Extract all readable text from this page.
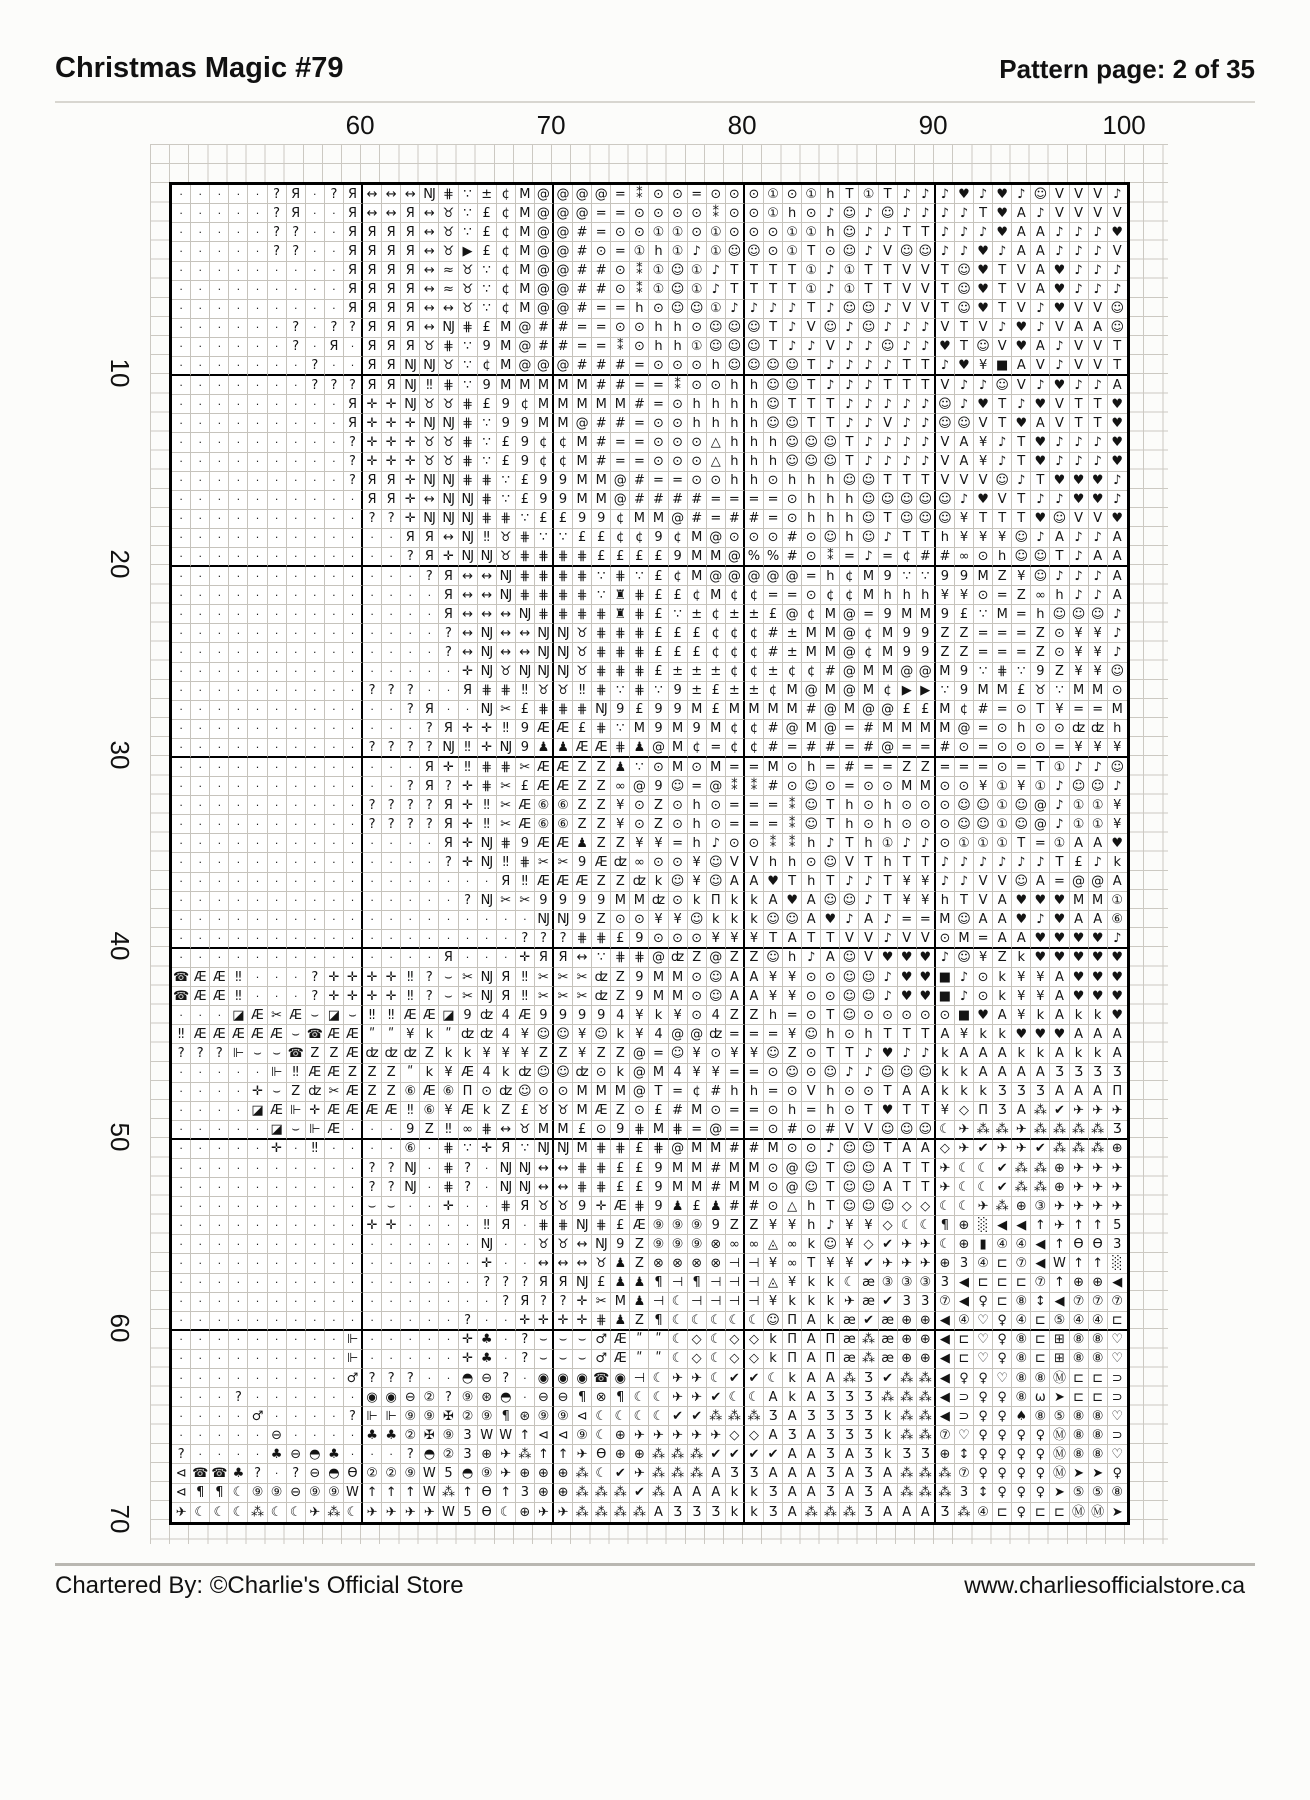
Christmas Magic #79	Pattern page: 2 of 35
·	·	·	·	·	? Я	·	? Я ↔ ↔ ↔ Ǌ ⋕ ∵ ± ¢ M @ @ @ @ = ⁑ ⊙ ⊙ = ⊙ ⊙ ⊙ ① ⊙ ① h T ① T ♪ ♪ ♪ ♥ ♪ ♥ ♪ ☺ V V V ♪
·	·	·	·	·	? Я	·	· Я ↔ ↔ Я ↔ ♉ ∵ £ ¢ M @ @ @ = = ⊙ ⊙ ⊙ ⊙ ⁑ ⊙ ⊙ ① h ⊙ ♪ ☺ ♪ ☺ ♪ ♪ ♪ ♪ T ♥ A ♪ V V V V
·	·	·	·	·	? ?	·	· Я Я Я Я ↔ ♉ ∵ £ ¢ M @ @ # = ⊙ ⊙ ① ① ⊙ ① ⊙ ⊙ ⊙ ① ① h ☺ ♪ ♪ T T ♪ ♪ ♪ ♥ A A ♪ ♪ ♪ ♥
·	·	·	·	·	? ?	·	· Я Я Я Я ↔ ♉ ▶ £ ¢ M @ @ # ⊙ = ① h ① ♪ ① ☺ ☺ ⊙ ① T ⊙ ☺ ♪ V ☺ ☺ ♪ ♪ ♥ ♪ A A ♪ ♪ ♪ V
·	·	·	·	·	·	·	·	· Я Я Я Я ↔ ≈ ♉ ∵ ¢ M @ @ # # ⊙ ⁑ ① ☺ ① ♪ T T T T ① ♪ ① T T V V T ☺ ♥ T V A ♥ ♪ ♪ ♪
·	·	·	·	·	·	·	·	· Я Я Я Я ↔ ≈ ♉ ∵ ¢ M @ @ # # ⊙ ⁑ ① ☺ ① ♪ T T T T ① ♪ ① T T V V T ☺ ♥ T V A ♥ ♪ ♪ ♪
·	·	·	·	·	·	·	·	· Я Я Я Я ↔ ↔ ♉ ∵ ¢ M @ @ # = = h ⊙ ☺ ☺ ① ♪ ♪ ♪ ♪ T ♪ ☺ ☺ ♪ V V T ☺ ♥ T V ♪ ♥ V V ☺
·	·	·	·	·	·	?	·	? ? Я Я Я ↔ Ǌ ⋕ £ M @ # # = = ⊙ ⊙ h h ⊙ ☺ ☺ ☺ T ♪ V ☺ ♪ ☺ ♪ ♪ ♪ V T V ♪ ♥ ♪ V A A ☺
·	·	·	·	·	·	?	· Я	·	Я Я Я ♉ ⋕ ∵ 9 M @ # # = = ⁑ ⊙ h h ① ☺ ☺ ☺ T ♪ ♪ V ♪ ♪ ☺ ♪ ♪ ♥ T ☺ V ♥ A ♪ V V T
·	·	·	·	·	·	·	?	·	·	Я Я Ǌ Ǌ ♉ ∵ ¢ M @ @ @ # # # = ⊙ ⊙ ⊙ h ☺ ☺ ☺ ☺ T ♪ ♪ ♪ ♪ T T ♪ ♥ ¥ ■ A V ♪ V V T
·	·	·	·	·	·	·	? ? ? Я Я Ǌ ‼ ⋕ ∵ 9 M M M M M # # = = ⁑ ⊙ ⊙ h h ☺ ☺ T ♪ ♪ ♪ T T T V ♪ ♪ ☺ V ♪ ♥ ♪ ♪ A
·	·	·	·	·	·	·	·	· Я ✛ ✛ Ǌ ♉ ♉ ⋕ £ 9 ¢ M M M M M # = ⊙ h h h h ☺ T T T ♪ ♪ ♪ ♪ ♪ ☺ ♪ ♥ T ♪ ♥ V T T ♥
·	·	·	·	·	·	·	·	· Я ✛ ✛ ✛ Ǌ Ǌ ⋕ ∵ 9 9 M M @ # # = ⊙ ⊙ h h h h ☺ ☺ T T ♪ ♪ V ♪ ♪ ☺ ☺ V T ♥ A V T T ♥
·	·	·	·	·	·	·	·	·	? ✛ ✛ ✛ ♉ ♉ ⋕ ∵ £ 9 ¢ ¢ M # = = ⊙ ⊙ ⊙ △ h h h ☺ ☺ ☺ T ♪ ♪ ♪ ♪ V A ¥ ♪ T ♥ ♪ ♪ ♪ ♥
·	·	·	·	·	·	·	·	·	? ✛ ✛ ✛ ♉ ♉ ⋕ ∵ £ 9 ¢ ¢ M # = = ⊙ ⊙ ⊙ △ h h h ☺ ☺ ☺ T ♪ ♪ ♪ ♪ V A ¥ ♪ T ♥ ♪ ♪ ♪ ♥
·	·	·	·	·	·	·	·	·	? Я Я ✛ Ǌ Ǌ ⋕ ⋕ ∵ £ 9 9 M M @ # = = ⊙ ⊙ h h ⊙ h h h ☺ ☺ T T T V V V ☺ ♪ T ♥ ♥ ♥ ♪
·	·	·	·	·	·	·	·	·	·	Я Я ✛ ↔ Ǌ Ǌ ⋕ ∵ £ 9 9 M M @ # # # # = = = = ⊙ h h h ☺ ☺ ☺ ☺ ☺ ♪ ♥ V T ♪ ♪ ♥ ♥ ♪
·	·	·	·	·	·	·	·	·	·	? ? ✛ Ǌ Ǌ Ǌ ⋕ ⋕ ∵ £ £ 9 9 ¢ M M @ # = # # = ⊙ h h h ☺ T ☺ ☺ ☺ ¥ T T T ♥ ☺ V V ♥
·	·	·	·	·	·	·	·	·	·	·	· Я Я ↔ Ǌ ‼ ♉ ⋕ ∵ ∵ £ £ ¢ ¢ 9 ¢ M @ ⊙ ⊙ ⊙ # ⊙ ☺ h ☺ ♪ T T h ¥ ¥ ¥ ☺ ♪ A ♪ ♪ A
·	·	·	·	·	·	·	·	·	·	·	·	? Я ✛ Ǌ Ǌ ♉ ⋕ ⋕ ⋕ ⋕ £ £ £ £ 9 M M @ % % # ⊙ ⁑ = ♪ = ¢ # # ∞ ⊙ h ☺ ☺ T ♪ A A
·	·	·	·	·	·	·	·	·	·	·	·	·	? Я ↔ ↔ Ǌ ⋕ ⋕ ⋕ ⋕ ∵ ⋕ ∵ £ ¢ M @ @ @ @ @ = h ¢ M 9 ∵ ∵ 9 9 M Z ¥ ☺ ♪ ♪ ♪ A
·	·	·	·	·	·	·	·	·	·	·	·	·	· Я ↔ ↔ Ǌ ⋕ ⋕ ⋕ ⋕ ∵ ♜ ⋕ £ £ ¢ M ¢ ¢ = = ⊙ ¢ ¢ M h h h ¥ ¥ ⊙ = Z ∞ h ♪ ♪ A
·	·	·	·	·	·	·	·	·	·	·	·	·	· Я ↔ ↔ ↔ Ǌ ⋕ ⋕ ⋕ ⋕ ♜ ⋕ £ ∵ ± ¢ ± ± £ @ ¢ M @ = 9 M M 9 £ ∵ M = h ☺ ☺ ☺ ♪
·	·	·	·	·	·	·	·	·	·	·	·	·	·	? ↔ Ǌ ↔ ↔ Ǌ Ǌ ♉ ⋕ ⋕ ⋕ £ £ £ ¢ ¢ ¢ # ± M M @ ¢ M 9 9 Z Z = = = Z ⊙ ¥ ¥ ♪
·	·	·	·	·	·	·	·	·	·	·	·	·	·	? ↔ Ǌ ↔ ↔ Ǌ Ǌ ♉ ⋕ ⋕ ⋕ £ £ £ ¢ ¢ ¢ # ± M M @ ¢ M 9 9 Z Z = = = Z ⊙ ¥ ¥ ♪
·	·	·	·	·	·	·	·	·	·	·	·	·	·	· ✛ Ǌ ♉ Ǌ Ǌ Ǌ ♉ ⋕ ⋕ ⋕ £ ± ± ± ¢ ¢ ± ¢ ¢ # @ M M @ @ M 9 ∵ ⋕ ∵ 9 Z ¥ ¥ ☺
·	·	·	·	·	·	·	·	·	·	? ? ?	·	· Я ⋕ ⋕ ‼ ♉ ♉ ‼ ⋕ ∵ ⋕ ∵ 9 ± £ ± ± ¢ M @ M @ M ¢ ▶ ▶ ∵ 9 M M £ ♉ ∵ M M ⊙
·	·	·	·	·	·	·	·	·	·	·	·	? Я	·	· Ǌ ✂ £ ⋕ ⋕ ⋕ Ǌ 9 £ 9 9 M £ M M M M # @ M @ @ £ £ M ¢ # = ⊙ T ¥ = = M
·	·	·	·	·	·	·	·	·	·	·	·	·	? Я ✛ ✛ ‼ 9 Æ Æ £ ⋕ ∵ M 9 M 9 M ¢ ¢ # @ M @ = # M M M M @ = ⊙ h ⊙ ⊙ ʣ ʣ h
·	·	·	·	·	·	·	·	·	·	? ? ? ? Ǌ ‼ ✛ Ǌ 9 ♟ ♟ Æ Æ ⋕ ♟ @ M ¢ = ¢ ¢ # = # # = # @ = = # ⊙ = ⊙ ⊙ ⊙ = ¥ ¥ ¥
·	·	·	·	·	·	·	·	·	·	·	·	· Я ✛ ‼ ⋕ ⋕ ✂ Æ Æ Z Z ♟ ∵ ⊙ M ⊙ M = = M ⊙ h = # = = Z Z = = = ⊙ = T ① ♪ ♪ ☺
·	·	·	·	·	·	·	·	·	·	·	·	? Я ? ✛ ⋕ ✂ £ Æ Æ Z Z ∞ @ 9 ☺ = @ ⁑	⁑ # ⊙ ☺ ⊙ = ⊙ ⊙ M M ⊙ ⊙ ¥ ① ¥ ① ♪ ☺ ☺ ♪
·	·	·	·	·	·	·	·	·	·	? ? ? ? Я ✛ ‼ ✂ Æ ⑥ ⑥ Z Z ¥ ⊙ Z ⊙ h ⊙ = = = ⁑ ☺ T h ⊙ h ⊙ ⊙ ⊙ ☺ ☺ ① ☺ @ ♪ ① ① ¥
·	·	·	·	·	·	·	·	·	·	? ? ? ? Я ✛ ‼ ✂ Æ ⑥ ⑥ Z Z ¥ ⊙ Z ⊙ h ⊙ = = = ⁑ ☺ T h ⊙ h ⊙ ⊙ ⊙ ☺ ☺ ① ☺ @ ♪ ① ① ¥
·	·	·	·	·	·	·	·	·	·	·	·	·	· Я ✛ Ǌ ⋕ 9 Æ Æ ♟ Z Z ¥ ¥ = h ♪ ⊙ ⊙ ⁑ ⁑ h ♪ T h ① ♪ ♪ ⊙ ① ① ① T = ① A A ♥
·	·	·	·	·	·	·	·	·	·	·	·	·	·	? ✛ Ǌ ‼ ⋕ ✂ ✂ 9 Æ ʣ ∞ ⊙ ⊙ ¥ ☺ V V h h ⊙ ☺ V T h T T ♪ ♪ ♪ ♪ ♪ ♪ T £ ♪ k
·	·	·	·	·	·	·	·	·	·	·	·	·	·	·	·	· Я ‼ Æ Æ Æ Z Z ʣ k ☺ ¥ ☺ A A ♥ T h T ♪ ♪ T ¥ ¥ ♪ ♪ V V ☺ A = @ @ A
·	·	·	·	·	·	·	·	·	·	·	·	·	·	·	? Ǌ ✂ ✂ 9 9 9 9 M M ʣ ⊙ k Π k k A ♥ A ☺ ☺ ♪ T ¥ ¥ h T V A ♥ ♥ ♥ M M ①
·	·	·	·	·	·	·	·	·	·	·	·	·	·	·	·	·	·	· Ǌ Ǌ 9 Z ⊙ ⊙ ¥ ¥ ☺ k k k ☺ ☺ A ♥ ♪ A ♪ = = M ☺ A A ♥ ♪ ♥ A A ⑥
·	·	·	·	·	·	·	·	·	·	·	·	·	·	·	·	·	·	? ? ? ⋕ ⋕ £ 9 ⊙ ⊙ ⊙ ¥ ¥ ¥ T A T T V V ♪ V V ⊙ M = A A ♥ ♥ ♥ ♥ ♪
·	·	·	·	·	·	·	·	·	·	·	·	·	· Я	·	·	· ✛ Я Я ↔ ∵ ⋕ ⋕ @ ʣ Z @ Z Z ☺ h ♪ A ☺ V ♥ ♥ ♥ ♪ ☺ ¥ Z k ♥ ♥ ♥ ♥ ♥
☎ Æ Æ ‼	·	·	·	? ✛ ✛ ✛ ✛ ‼ ? ⌣ ✂ Ǌ Я ‼ ✂ ✂ ✂ ʣ Z 9 M M ⊙ ☺ A A ¥ ¥ ⊙ ⊙ ☺ ☺ ♪ ♥ ♥ ■ ♪ ⊙ k ¥ ¥ A ♥ ♥ ♥
☎ Æ Æ ‼	·	·	·	? ✛ ✛ ✛ ✛ ‼ ? ⌣ ✂ Ǌ Я ‼ ✂ ✂ ✂ ʣ Z 9 M M ⊙ ☺ A A ¥ ¥ ⊙ ⊙ ☺ ☺ ♪ ♥ ♥ ■ ♪ ⊙ k ¥ ¥ A ♥ ♥ ♥
·	·	· ◪ Æ ✂ Æ ⌣ ◪ ⌣ ‼ ‼ Æ Æ ◪ 9 ʣ 4 Æ 9 9 9 9 4 ¥ k ¥ ⊙ 4 Z Z h = ⊙ T ☺ ⊙ ⊙ ⊙ ⊙ ⊙ ■ ♥ A ¥ k A k k ♥
‼ Æ Æ Æ Æ Æ ⌣ ☎ Æ Æ ʺ	ʺ ¥ k ʺ ʣ ʣ 4 ¥ ☺ ☺ ¥ ☺ k ¥ 4 @ @ ʣ = = = ¥ ☺ h ⊙ h T T T A ¥ k k ♥ ♥ ♥ A A A
? ? ? ⊩ ⌣ ⌣ ☎ Z Z Æ ʣ ʣ ʣ Z k k ¥ ¥ ¥ Z Z ¥ Z Z @ = ☺ ¥ ⊙ ¥ ¥ ☺ Z ⊙ T T ♪ ♥ ♪ ♪ k A A A k k A k k A
·	·	·	·	· ⊩ ‼ Æ Æ Z Z Z ʺ k ¥ Æ 4 k ʣ ☺ ☺ ʣ ⊙ k @ M 4 ¥ ¥ = = ⊙ ☺ ⊙ ☺ ♪ ♪ ☺ ☺ ☺ k k A A A A Ʒ Ʒ Ʒ Ʒ
·	·	·	· ✛ ⌣ Z ʣ ✂ Æ Z Z ⑥ Æ ⑥ Π ⊙ ʣ ☺ ⊙ ⊙ M M M @ T = ¢ # h h = ⊙ V h ⊙ ⊙ T A A k k k Ʒ Ʒ Ʒ A A A Π
·	·	·	· ◪ Æ ⊩ ✛ Æ Æ Æ Æ ‼ ⑥ ¥ Æ k Z £ ♉ ♉ M Æ Z ⊙ £ # M ⊙ = = ⊙ h = h ⊙ T ♥ T T ¥ ◇ Π Ʒ A ⁂ ✔ ✈ ✈ ✈
·	·	·	·	· ◪ ⌣ ⊩ Æ ·	·	·	9 Z ‼ ∞ ⋕ ↔ ♉ M M £ ⊙ 9 ⋕ M ⋕ = @ = = ⊙ # ⊙ # V V ☺ ☺ ☺ ☾ ✈ ⁂ ⁂ ✈ ⁂ ⁂ ⁂ ⁂ Ʒ
·	·	·	·	· ✛	·	‼	·	·	·	· ⑥	· ⋕ ∵ ✛ Я ∵ Ǌ Ǌ M ⋕ ⋕ £ ⋕ @ M M # # M ⊙ ⊙ ♪ ☺ ☺ T A A ◇ ✈ ✔ ✈ ✈ ✔ ⁂ ⁂ ⁂ ⊕
·	·	·	·	·	·	·	·	·	·	? ? Ǌ	· ⋕ ?	· Ǌ Ǌ ↔ ↔ ⋕ ⋕ £ £ 9 M M # M M ⊙ @ ☺ T ☺ ☺ A T T ✈ ☾ ☾ ✔ ⁂ ⁂ ⊕ ✈ ✈ ✈
·	·	·	·	·	·	·	·	·	·	? ? Ǌ	· ⋕ ?	· Ǌ Ǌ ↔ ↔ ⋕ ⋕ £ £ 9 M M # M M ⊙ @ ☺ T ☺ ☺ A T T ✈ ☾ ☾ ✔ ⁂ ⁂ ⊕ ✈ ✈ ✈
·	·	·	·	·	·	·	·	·	·	⌣ ⌣	·	· ✛	·	· ⋕ Я ♉ ♉ 9 ✛ Æ ⋕ 9 ♟ £ ♟ # # ⊙ △ h T ☺ ☺ ☺ ◇ ◇ ☾ ☾ ✈ ⁂ ⊕ ③ ✈ ✈ ✈ ✈
·	·	·	·	·	·	·	·	·	· ✛ ✛	·	·	·	·	‼ Я	· ⋕ ⋕ Ǌ ⋕ £ Æ ⑨ ⑨ ⑨ 9 Z Z ¥ ¥ h ♪ ¥ ¥ ◇ ☾ ☾ ¶ ⊕ ░ ◀ ◀ ↑ ✈ ↑ ↑ 5
·	·	·	·	·	·	·	·	·	·	·	·	·	·	·	· Ǌ	·	· ♉ ♉ ↔ Ǌ 9 Z ⑨ ⑨ ⑨ ⊗ ∞ ∞ ◬ ∞ k ☺ ¥ ◇ ✔ ✈ ✈ ☾ ⊕ ▮ ④ ④ ◀ ↑ Ɵ Ɵ 3
·	·	·	·	·	·	·	·	·	·	·	·	·	·	·	· ✛	·	· ↔ ↔ ↔ ♉ ♟ Z ⊗ ⊗ ⊗ ⊗ ⊣ ⊣ ¥ ∞ T ¥ ¥ ✔ ✈ ✈ ✈ ⊕ 3 ④ ⊏ ⑦ ◀ W ↑ ↑ ░
·	·	·	·	·	·	·	·	·	·	·	·	·	·	·	·	? ? ? Я Я Ǌ £ ♟ ♟ ¶ ⊣ ¶ ⊣ ⊣ ⊣ ◬ ¥ k k ☾ æ ③ ③ ③ 3 ◀ ⊏ ⊏ ⊏ ⑦ ↑ ⊕ ⊕ ◀
·	·	·	·	·	·	·	·	·	·	·	·	·	·	·	·	·	? Я ? ? ✛ ✂ M ♟ ⊣ ☾ ⊣ ⊣ ⊣ ⊣ ¥ k k k ✈ æ ✔ 3 3 ⑦ ◀ ♀ ⊏ ⑧ ↕ ◀ ⑦ ⑦ ⑦
·	·	·	·	·	·	·	·	·	·	·	·	·	·	·	?	·	· ✛ ✛ ✛ ✛ ⋕ ♟ Z ¶ ☾ ☾ ☾ ☾ ☾ ☺ Π A k æ ✔ æ ⊕ ⊕ ◀ ④ ♡ ♀ ④ ⊏ ⑤ ④ ④ ⊏
·	·	·	·	·	·	·	·	· ⊩	·	·	·	·	· ✛ ♣	·	? ⌣ ⌣ ⌣ ♂ Æ ʺ	ʺ ☾ ◇ ☾ ◇ ◇ k Π A Π æ ⁂ æ ⊕ ⊕ ◀ ⊏ ♡ ♀ ⑧ ⊏ ⊞ ⑧ ⑧ ♡
·	·	·	·	·	·	·	·	· ⊩	·	·	·	·	· ✛ ♣	·	? ⌣ ⌣ ⌣ ♂ Æ ʺ	ʺ ☾ ◇ ☾ ◇ ◇ k Π A Π æ ⁂ æ ⊕ ⊕ ◀ ⊏ ♡ ♀ ⑧ ⊏ ⊞ ⑧ ⑧ ♡
·	·	·	·	·	·	·	·	· ♂ ? ? ?	·	· ◓ ⊖ ?	· ◉ ◉ ◉ ☎ ◉ ⊣ ☾ ✈ ✈ ☾ ✔ ✔ ☾ k A A ⁂ Ʒ ✔ ⁂ ⁂ ◀ ♀ ♀ ♡ ⑧ ⑧ Ⓜ ⊏ ⊏ ⊃
·	·	·	?	·	·	·	·	·	· ◉ ◉ ⊖ ② ? ⑨ ⊛ ◓	· ⊖ ⊖ ¶ ⊗ ¶ ☾ ☾ ✈ ✈ ✔ ☾ ☾ A k A Ʒ Ʒ Ʒ ⁂ ⁂ ⁂ ◀ ⊃ ♀ ♀ ⑧ ω ➤ ⊏ ⊏ ⊃
·	·	·	· ♂	·	·	·	·	? ⊩ ⊩ ⑨ ⑨ ✠ ② ⑨ ¶ ⊛ ⑨ ⑨ ⊲ ☾ ☾ ☾ ☾ ✔ ✔ ⁂ ⁂ ⁂ Ʒ A Ʒ Ʒ Ʒ Ʒ k ⁂ ⁂ ◀ ⊃ ♀ ♀ ♠ ⑧ ⑤ ⑧ ⑧ ♡
·	·	·	·	· ⊖	·	·	·	· ♣ ♣ ② ✠ ⑨ 3 W W ↑ ⊲ ⊲ ⑨ ☾ ⊕ ✈ ✈ ✈ ✈ ✈ ◇ ◇ A Ʒ A Ʒ Ʒ Ʒ k ⁂ ⁂ ⑦ ♡ ♀ ♀ ♀ ♀ Ⓜ ⑧ ⑧ ⊃
?	·	·	·	· ♣ ⊖ ◓ ♣	·	·	·	? ◓ ② 3 ⊕ ✈ ⁂ ↑ ↑ ✈ Ɵ ⊕ ⊕ ⁂ ⁂ ⁂ ✔ ✔ ✔ ✔ A A Ʒ A Ʒ k Ʒ Ʒ ⊕ ↕ ♀ ♀ ♀ ♀ Ⓜ ⑧ ⑧ ♡
⊲ ☎ ☎ ♣ ?	·	? ⊖ ◓ Ɵ ② ② ⑨ W 5 ◓ ⑨ ✈ ⊕ ⊕ ⊕ ⁂ ☾ ✔ ✈ ⁂ ⁂ ⁂ A Ʒ Ʒ A A A Ʒ A Ʒ A ⁂ ⁂ ⁂ ⑦ ♀ ♀ ♀ ♀ Ⓜ ➤ ➤ ♀
⊲ ¶ ¶ ☾ ⑨ ⑨ ⊖ ⑨ ⑨ W ↑ ↑ ↑ W ⁂ ↑ Ɵ ↑ 3 ⊕ ⊕ ⁂ ⁂ ⁂ ✔ ⁂ A A A k k Ʒ A A Ʒ A Ʒ A ⁂ ⁂ ⁂ 3 ↕ ♀ ♀ ♀ ➤ ⑤ ⑤ ⑧
✈ ☾ ☾ ☾ ⁂ ☾ ☾ ✈ ⁂ ☾ ✈ ✈ ✈ ✈ W 5 Ɵ ☾ ⊕ ✈ ✈ ⁂ ⁂ ⁂ ⁂ A Ʒ Ʒ Ʒ k k Ʒ A ⁂ ⁂ ⁂ Ʒ A A A Ʒ ⁂ ④ ⊏ ♀ ⊏ ⊏ Ⓜ Ⓜ ➤
60	70	80	90	100
10
20
30
40
50
60
70
Chartered By: ©Charlie's Official Store	www.charliesofficialstore.ca
